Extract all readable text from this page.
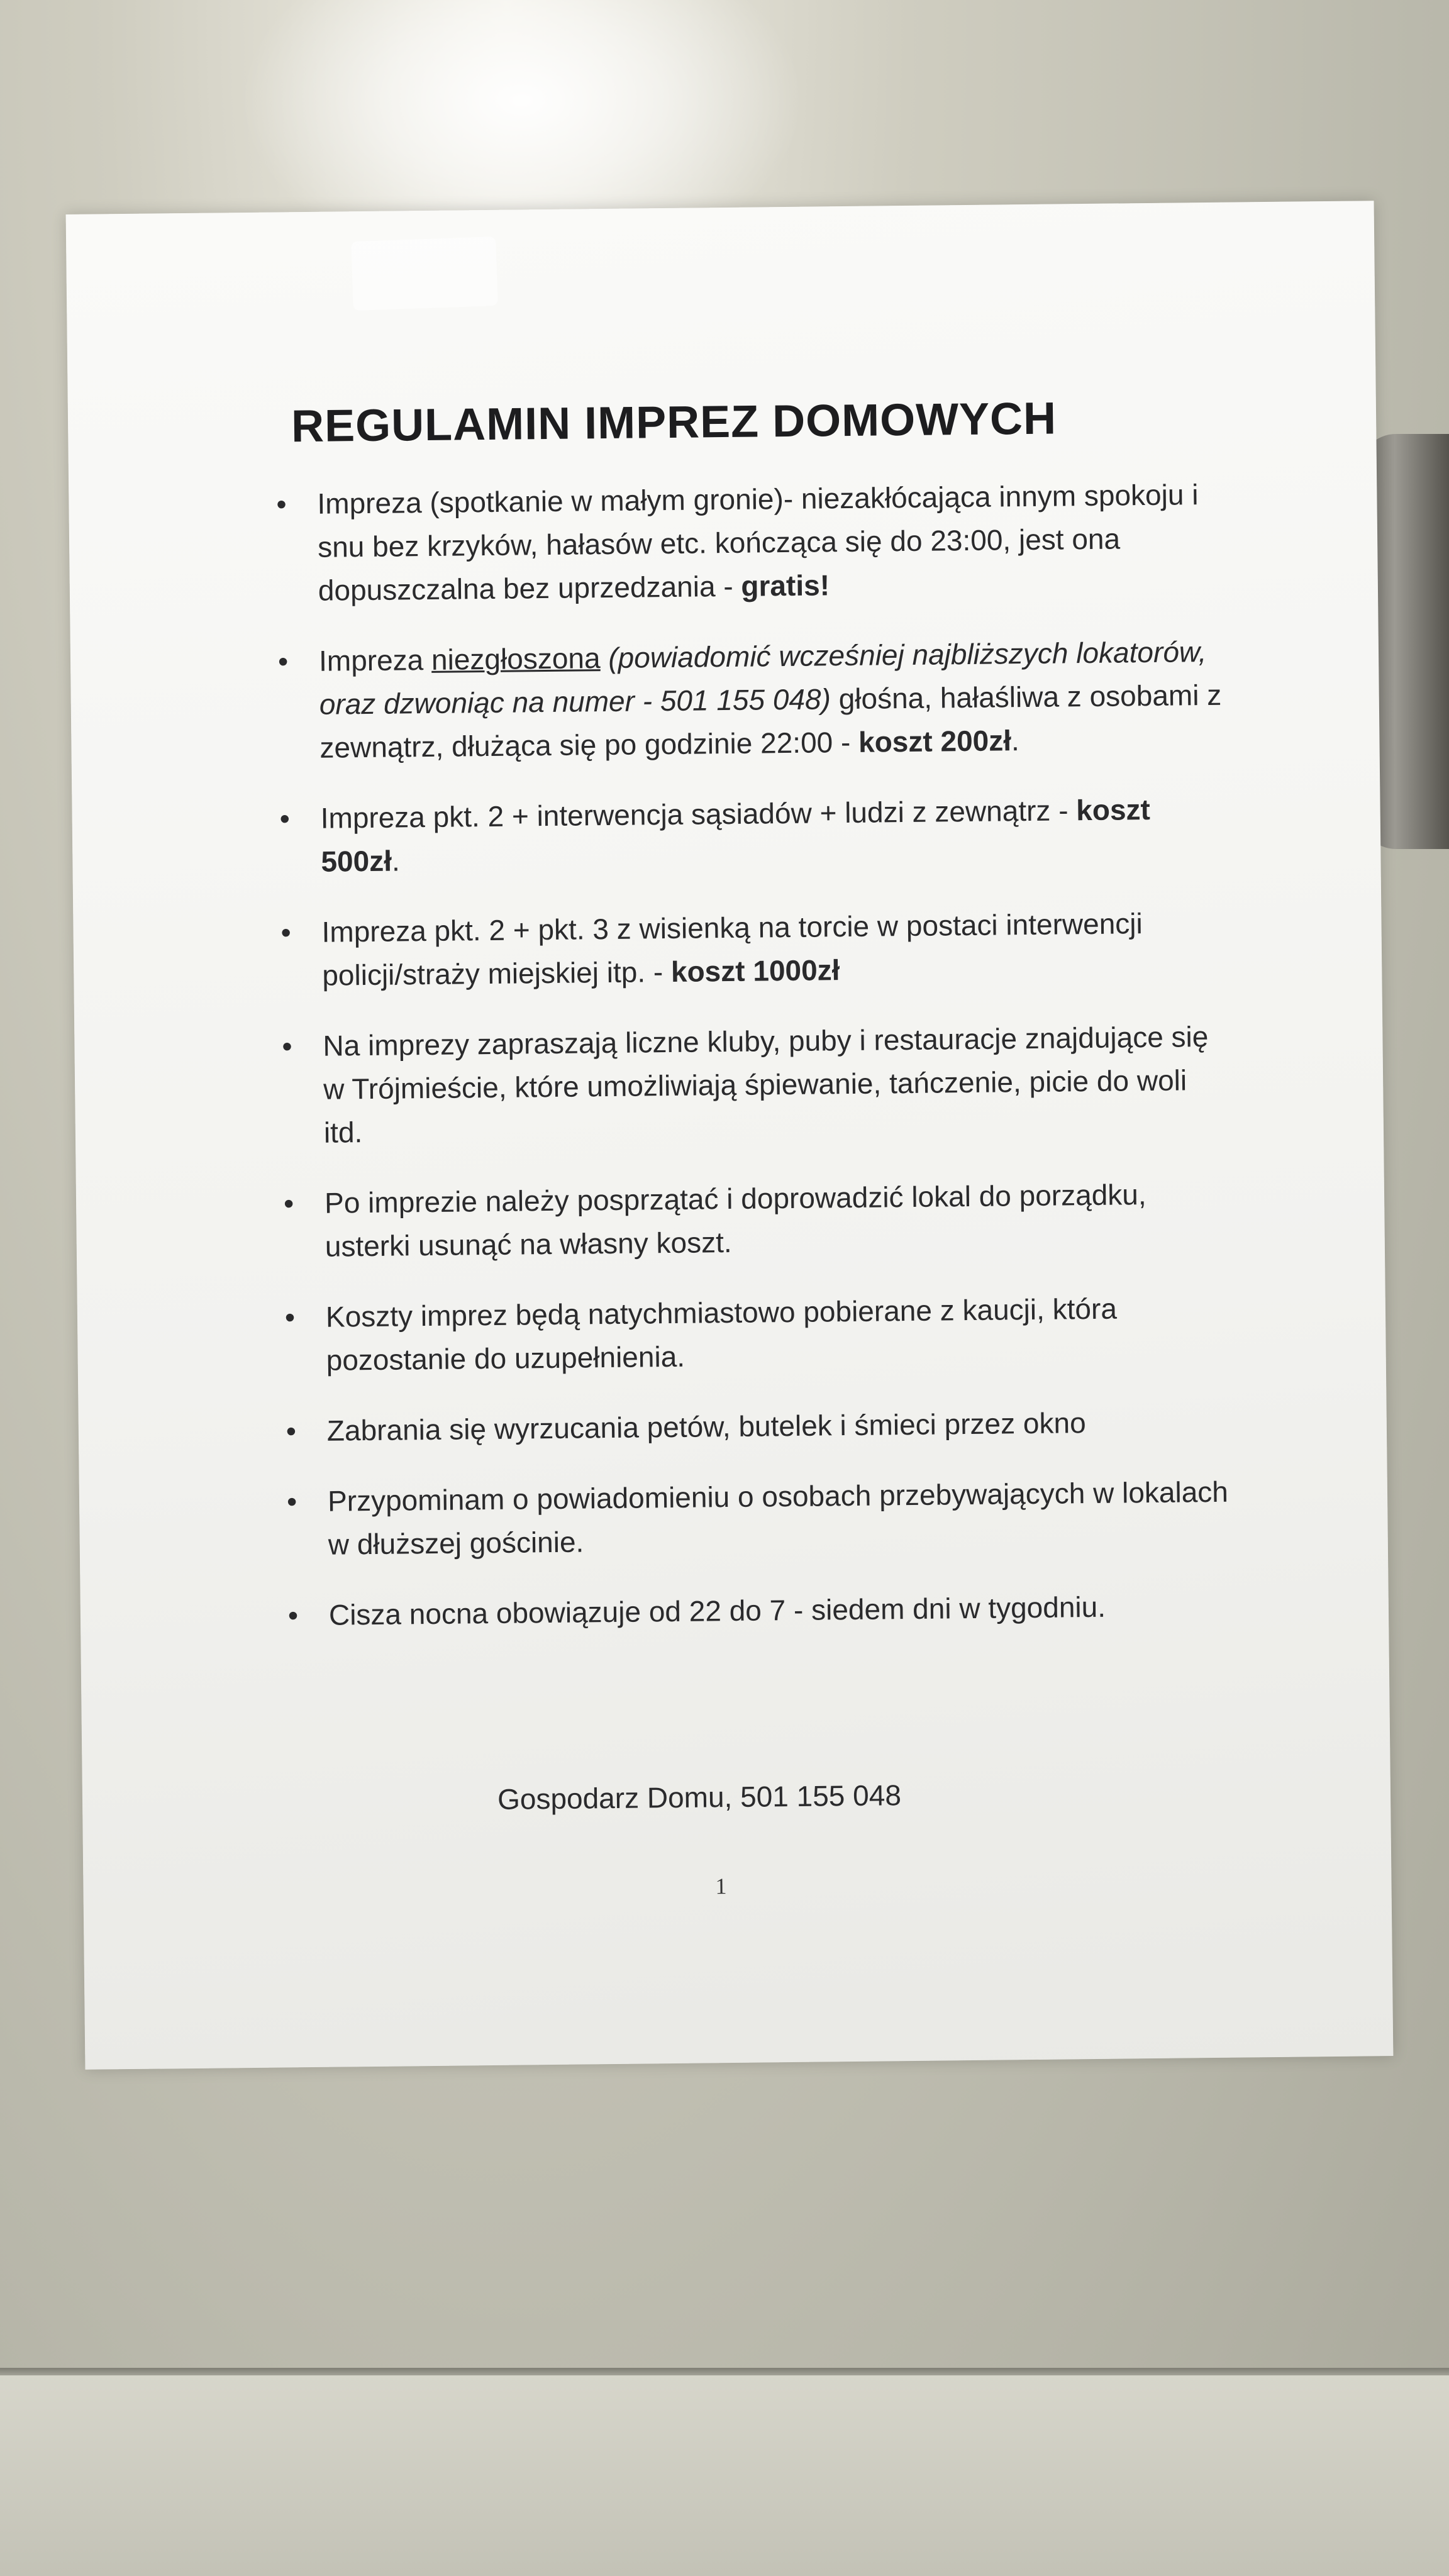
REGULAMIN IMPREZ DOMOWYCH
•	Impreza (spotkanie w małym gronie)- niezakłócająca innym spokoju i snu bez krzyków, hałasów etc. kończąca się do 23:00, jest ona dopuszczalna bez uprzedzania - gratis!
•	Impreza niezgłoszona (powiadomić wcześniej najbliższych lokatorów, oraz dzwoniąc na numer - 501 155 048) głośna, hałaśliwa z osobami z zewnątrz, dłużąca się po godzinie 22:00 - koszt 200zł.
•	Impreza pkt. 2 + interwencja sąsiadów + ludzi z zewnątrz - koszt 500zł.
•	Impreza pkt. 2 + pkt. 3 z wisienką na torcie w postaci interwencji policji/straży miejskiej itp. - koszt 1000zł
•	Na imprezy zapraszają liczne kluby, puby i restauracje znajdujące się w Trójmieście, które umożliwiają śpiewanie, tańczenie, picie do woli itd.
•	Po imprezie należy posprzątać i doprowadzić lokal do porządku, usterki usunąć na własny koszt.
•	Koszty imprez będą natychmiastowo pobierane z kaucji, która pozostanie do uzupełnienia.
•	Zabrania się wyrzucania petów, butelek i śmieci przez okno
•	Przypominam o powiadomieniu o osobach przebywających w lokalach w dłuższej gościnie.
•	Cisza nocna obowiązuje od 22 do 7 - siedem dni w tygodniu.
Gospodarz Domu, 501 155 048
1
